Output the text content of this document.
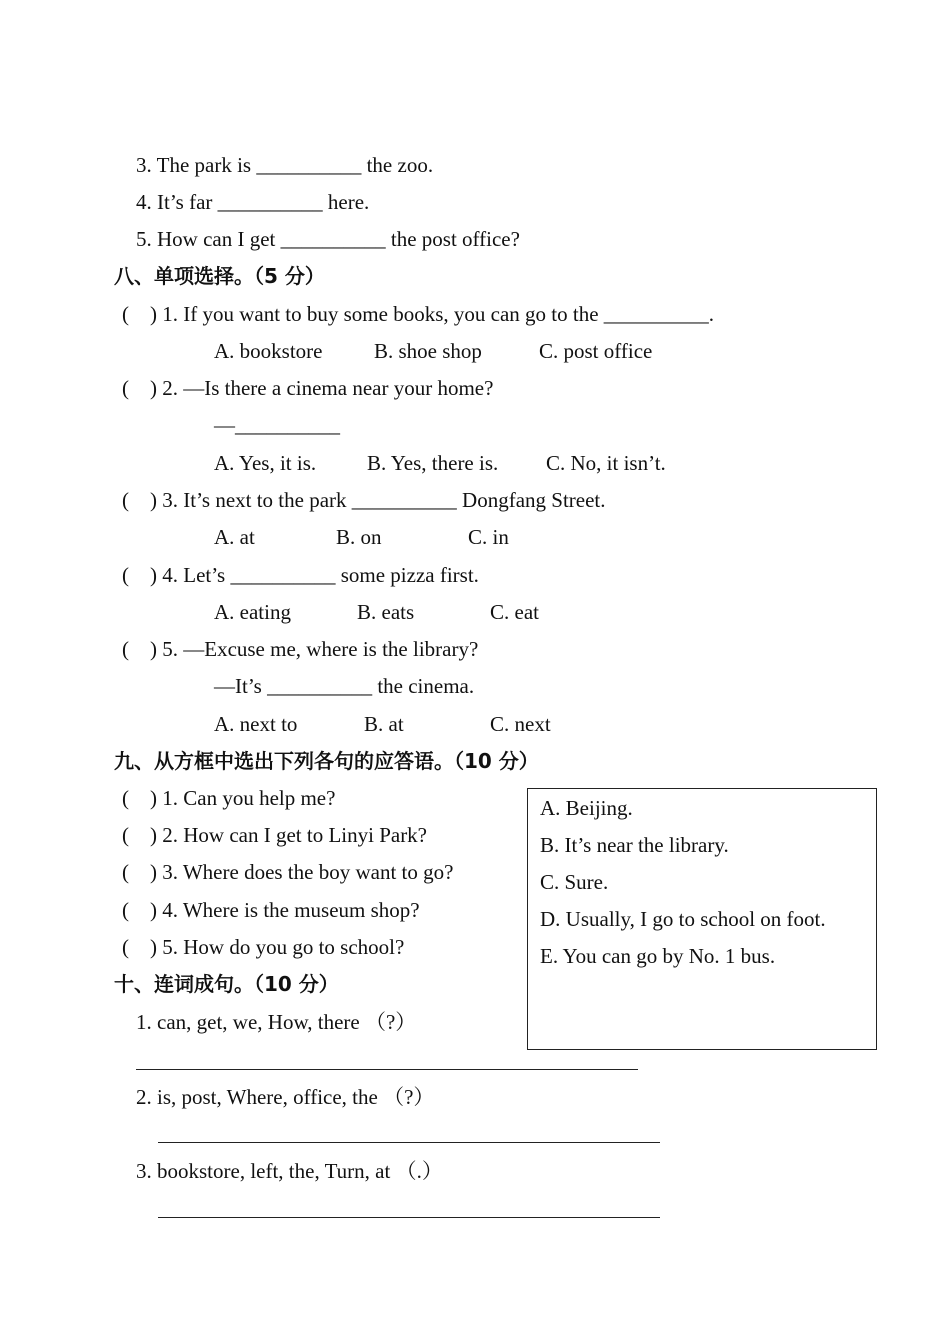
3. The park is __________ the zoo.
4. It’s far __________ here.
5. How can I get __________ the post office?
八、单项选择。（5 分）
(    ) 1. If you want to buy some books, you can go to the __________.
A. bookstore B. shoe shop	C. post office
(    ) 2. —Is there a cinema near your home?
—__________
A. Yes, it is. B. Yes, there is. C. No, it isn’t.
(    ) 3. It’s next to the park __________ Dongfang Street.
A. at	B. on	C. in
(    ) 4. Let’s __________ some pizza first.
A. eating	B. eats	C. eat
(    ) 5. —Excuse me, where is the library?
—It’s __________ the cinema.
A. next to	B. at	C. next
九、从方框中选出下列各句的应答语。（10 分）
(    ) 1. Can you help me?
(    ) 2. How can I get to Linyi Park?
(    ) 3. Where does the boy want to go?
(    ) 4. Where is the museum shop?
(    ) 5. How do you go to school?
A. Beijing.
B. It’s near the library.
C. Sure.
D. Usually, I go to school on foot.
E. You can go by No. 1 bus.
十、连词成句。（10 分）
1. can, get, we, How, there （?）
2. is, post, Where, office, the （?）
3. bookstore, left, the, Turn, at （.）
